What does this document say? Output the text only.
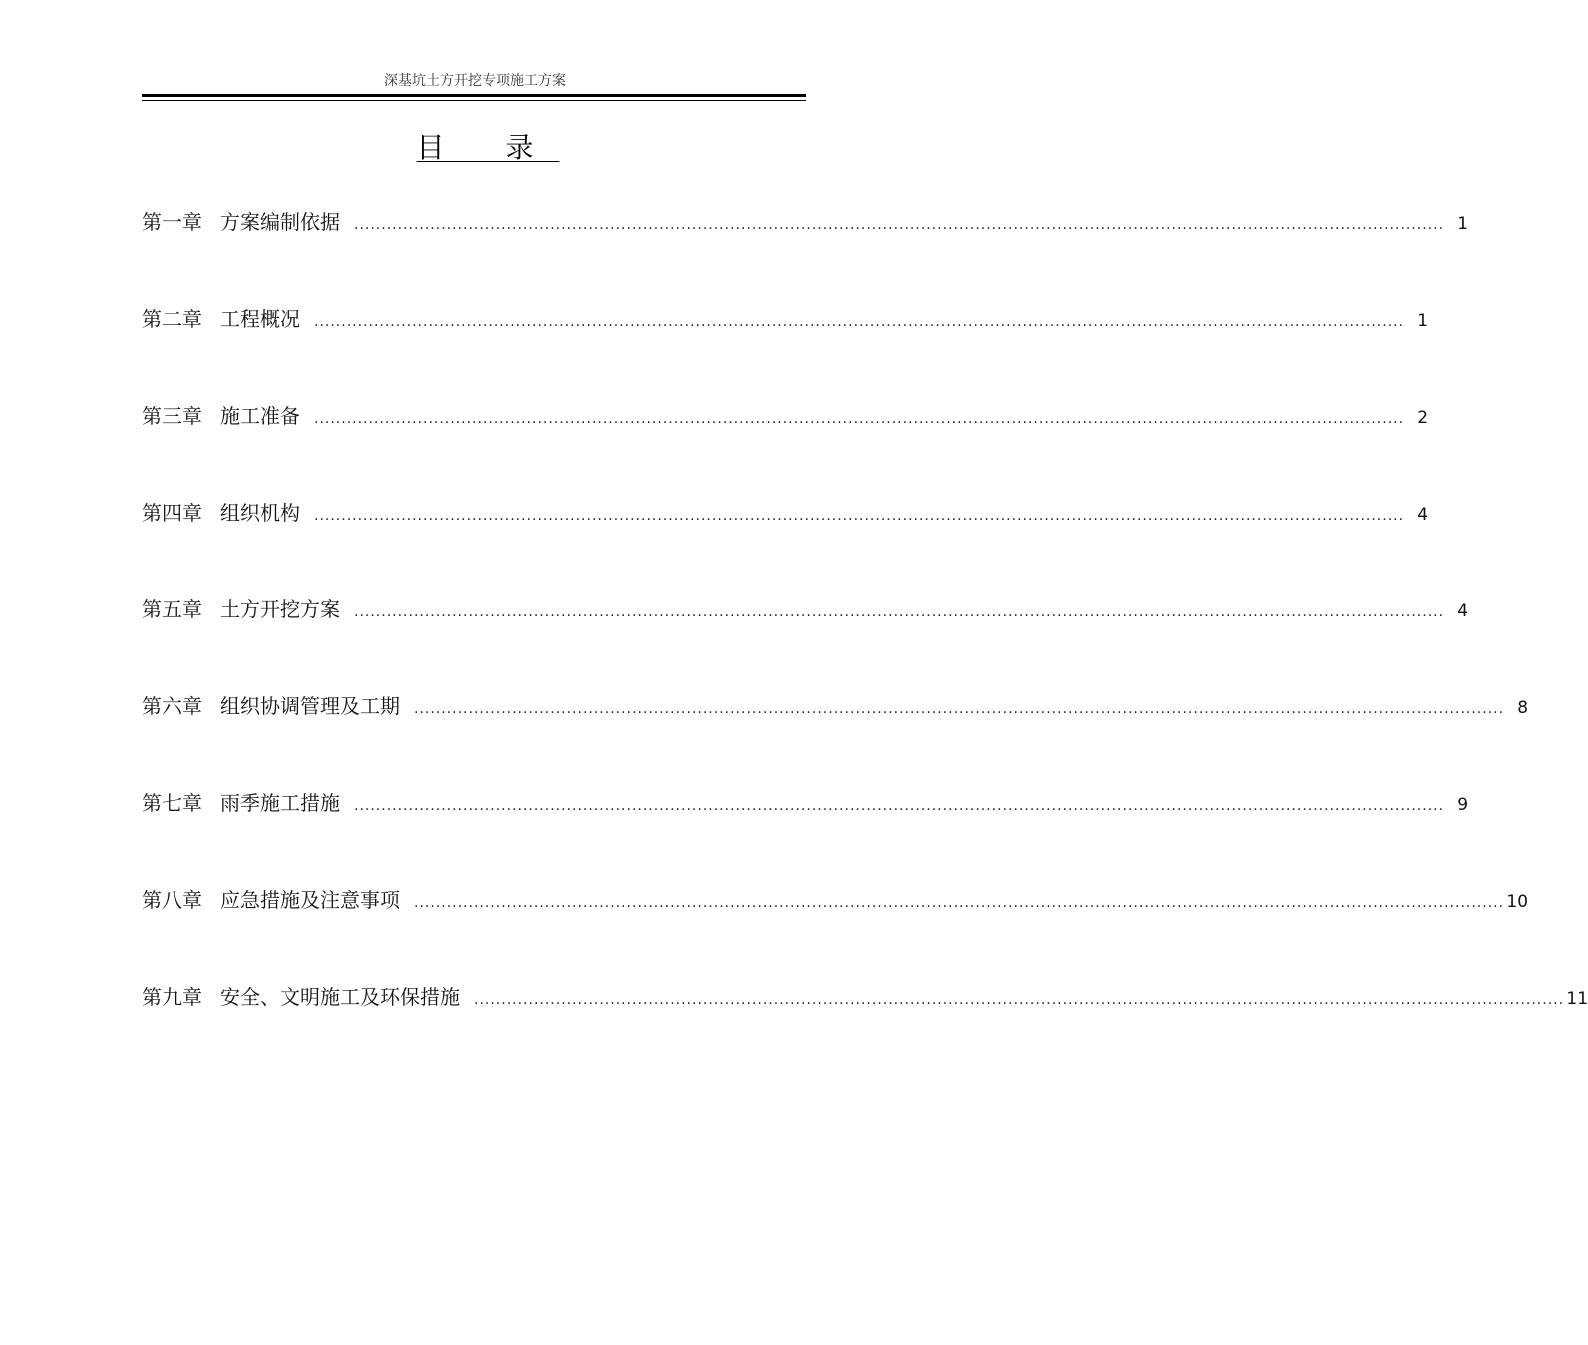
深基坑土方开挖专项施工方案
目 录
第一章 方案编制依据 ........................................................................................................................................................................................................ 1
第二章 工程概况 ........................................................................................................................................................................................................ 1
第三章 施工准备 ........................................................................................................................................................................................................ 2
第四章 组织机构 ........................................................................................................................................................................................................ 4
第五章 土方开挖方案 ........................................................................................................................................................................................................ 4
第六章 组织协调管理及工期 ........................................................................................................................................................................................................ 8
第七章 雨季施工措施 ........................................................................................................................................................................................................ 9
第八章 应急措施及注意事项 ........................................................................................................................................................................................................ 10
第九章 安全、文明施工及环保措施 ........................................................................................................................................................................................................ 11
